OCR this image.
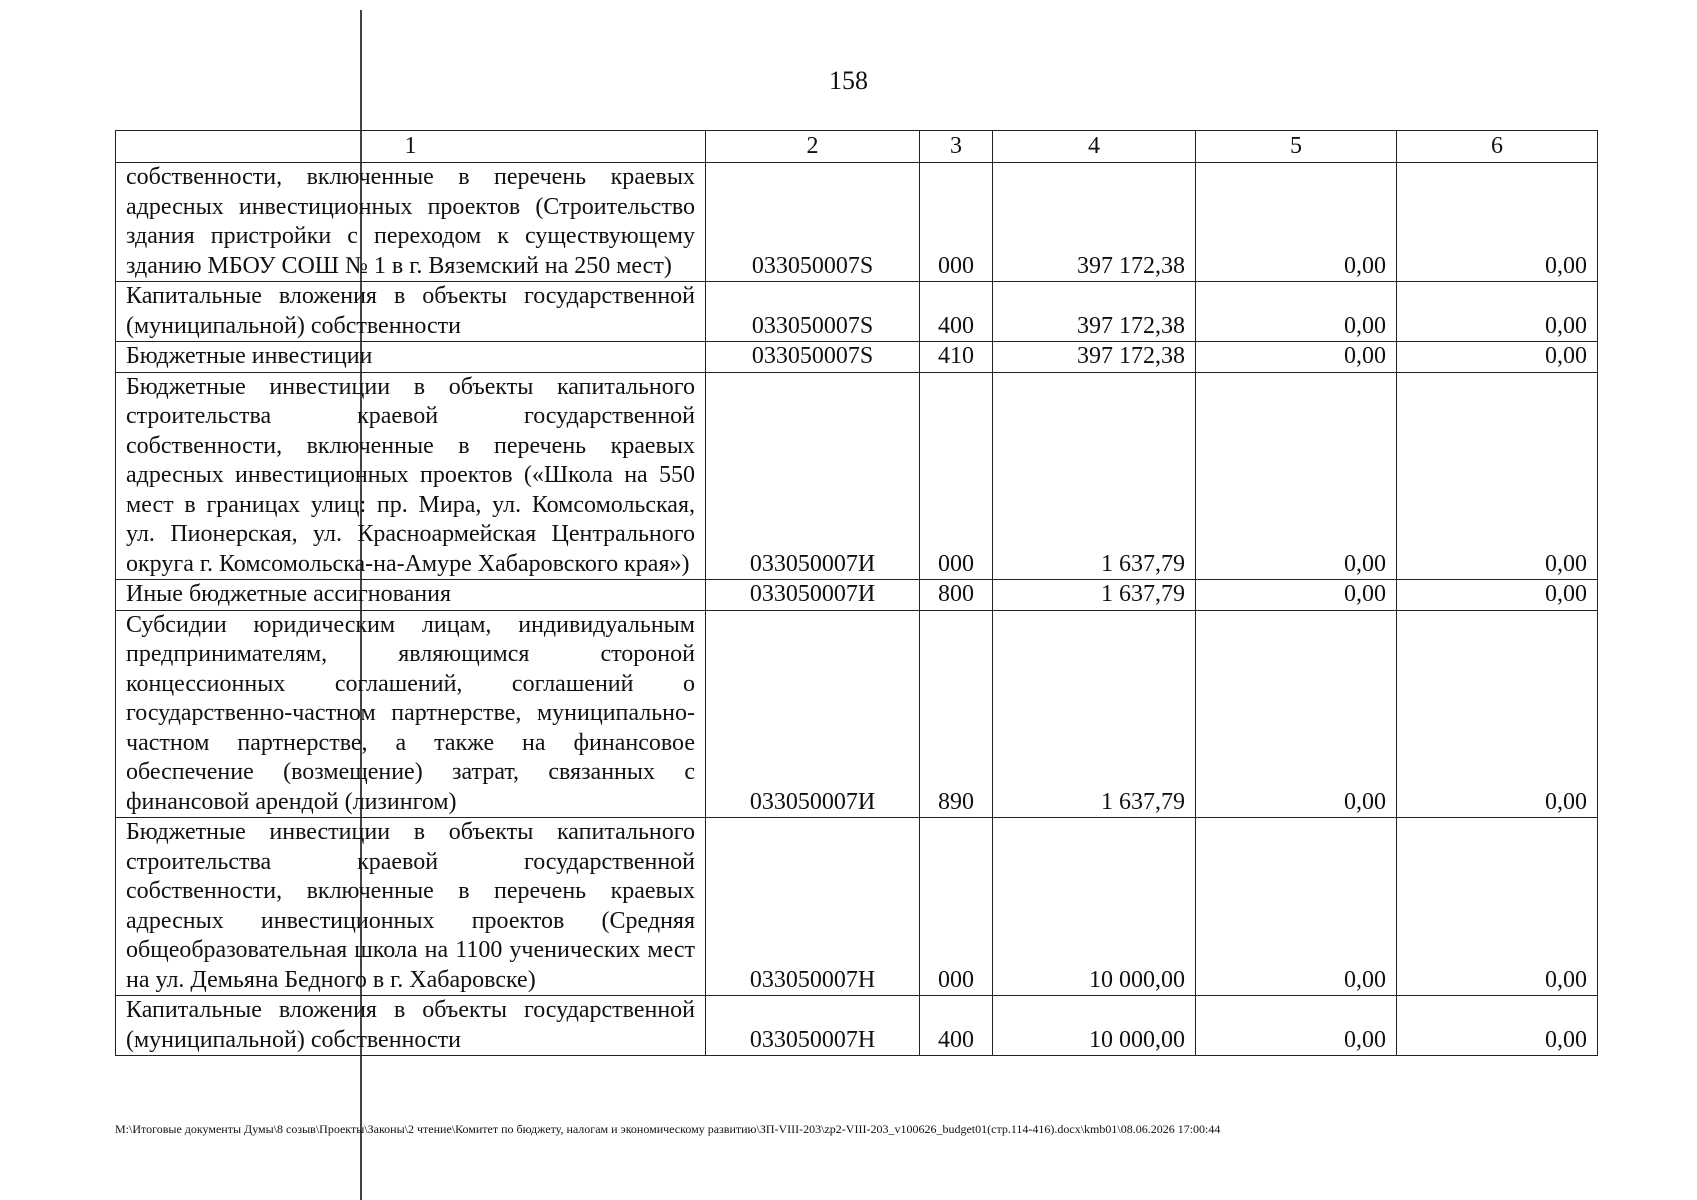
158
1	2	3	4	5	6
собственности, включенные в перечень краевых адресных инвестиционных проектов (Строительство здания пристройки с переходом к существующему зданию МБОУ СОШ № 1 в г. Вяземский на 250 мест)	033050007S	000	397 172,38	0,00	0,00
Капитальные вложения в объекты государственной (муниципальной) собственности	033050007S	400	397 172,38	0,00	0,00
Бюджетные инвестиции	033050007S	410	397 172,38	0,00	0,00
Бюджетные инвестиции в объекты капитального строительства краевой государственной собственности, включенные в перечень краевых адресных инвестиционных проектов («Школа на 550 мест в границах улиц: пр. Мира, ул. Комсомольская, ул. Пионерская, ул. Красноармейская Центрального округа г. Комсомольска-на-Амуре Хабаровского края»)	033050007И	000	1 637,79	0,00	0,00
Иные бюджетные ассигнования	033050007И	800	1 637,79	0,00	0,00
Субсидии юридическим лицам, индивидуальным предпринимателям, являющимся стороной концессионных соглашений, соглашений о государственно-частном партнерстве, муниципально-частном партнерстве, а также на финансовое обеспечение (возмещение) затрат, связанных с финансовой арендой (лизингом)	033050007И	890	1 637,79	0,00	0,00
Бюджетные инвестиции в объекты капитального строительства краевой государственной собственности, включенные в перечень краевых адресных инвестиционных проектов (Средняя общеобразовательная школа на 1100 ученических мест на ул. Демьяна Бедного в г. Хабаровске)	033050007Н	000	10 000,00	0,00	0,00
Капитальные вложения в объекты государственной (муниципальной) собственности	033050007Н	400	10 000,00	0,00	0,00
M:\Итоговые документы Думы\8 созыв\Проекты\Законы\2 чтение\Комитет по бюджету, налогам и экономическому развитию\ЗП-VIII-203\zp2-VIII-203_v100626_budget01(стр.114-416).docx\kmb01\08.06.2026 17:00:44
